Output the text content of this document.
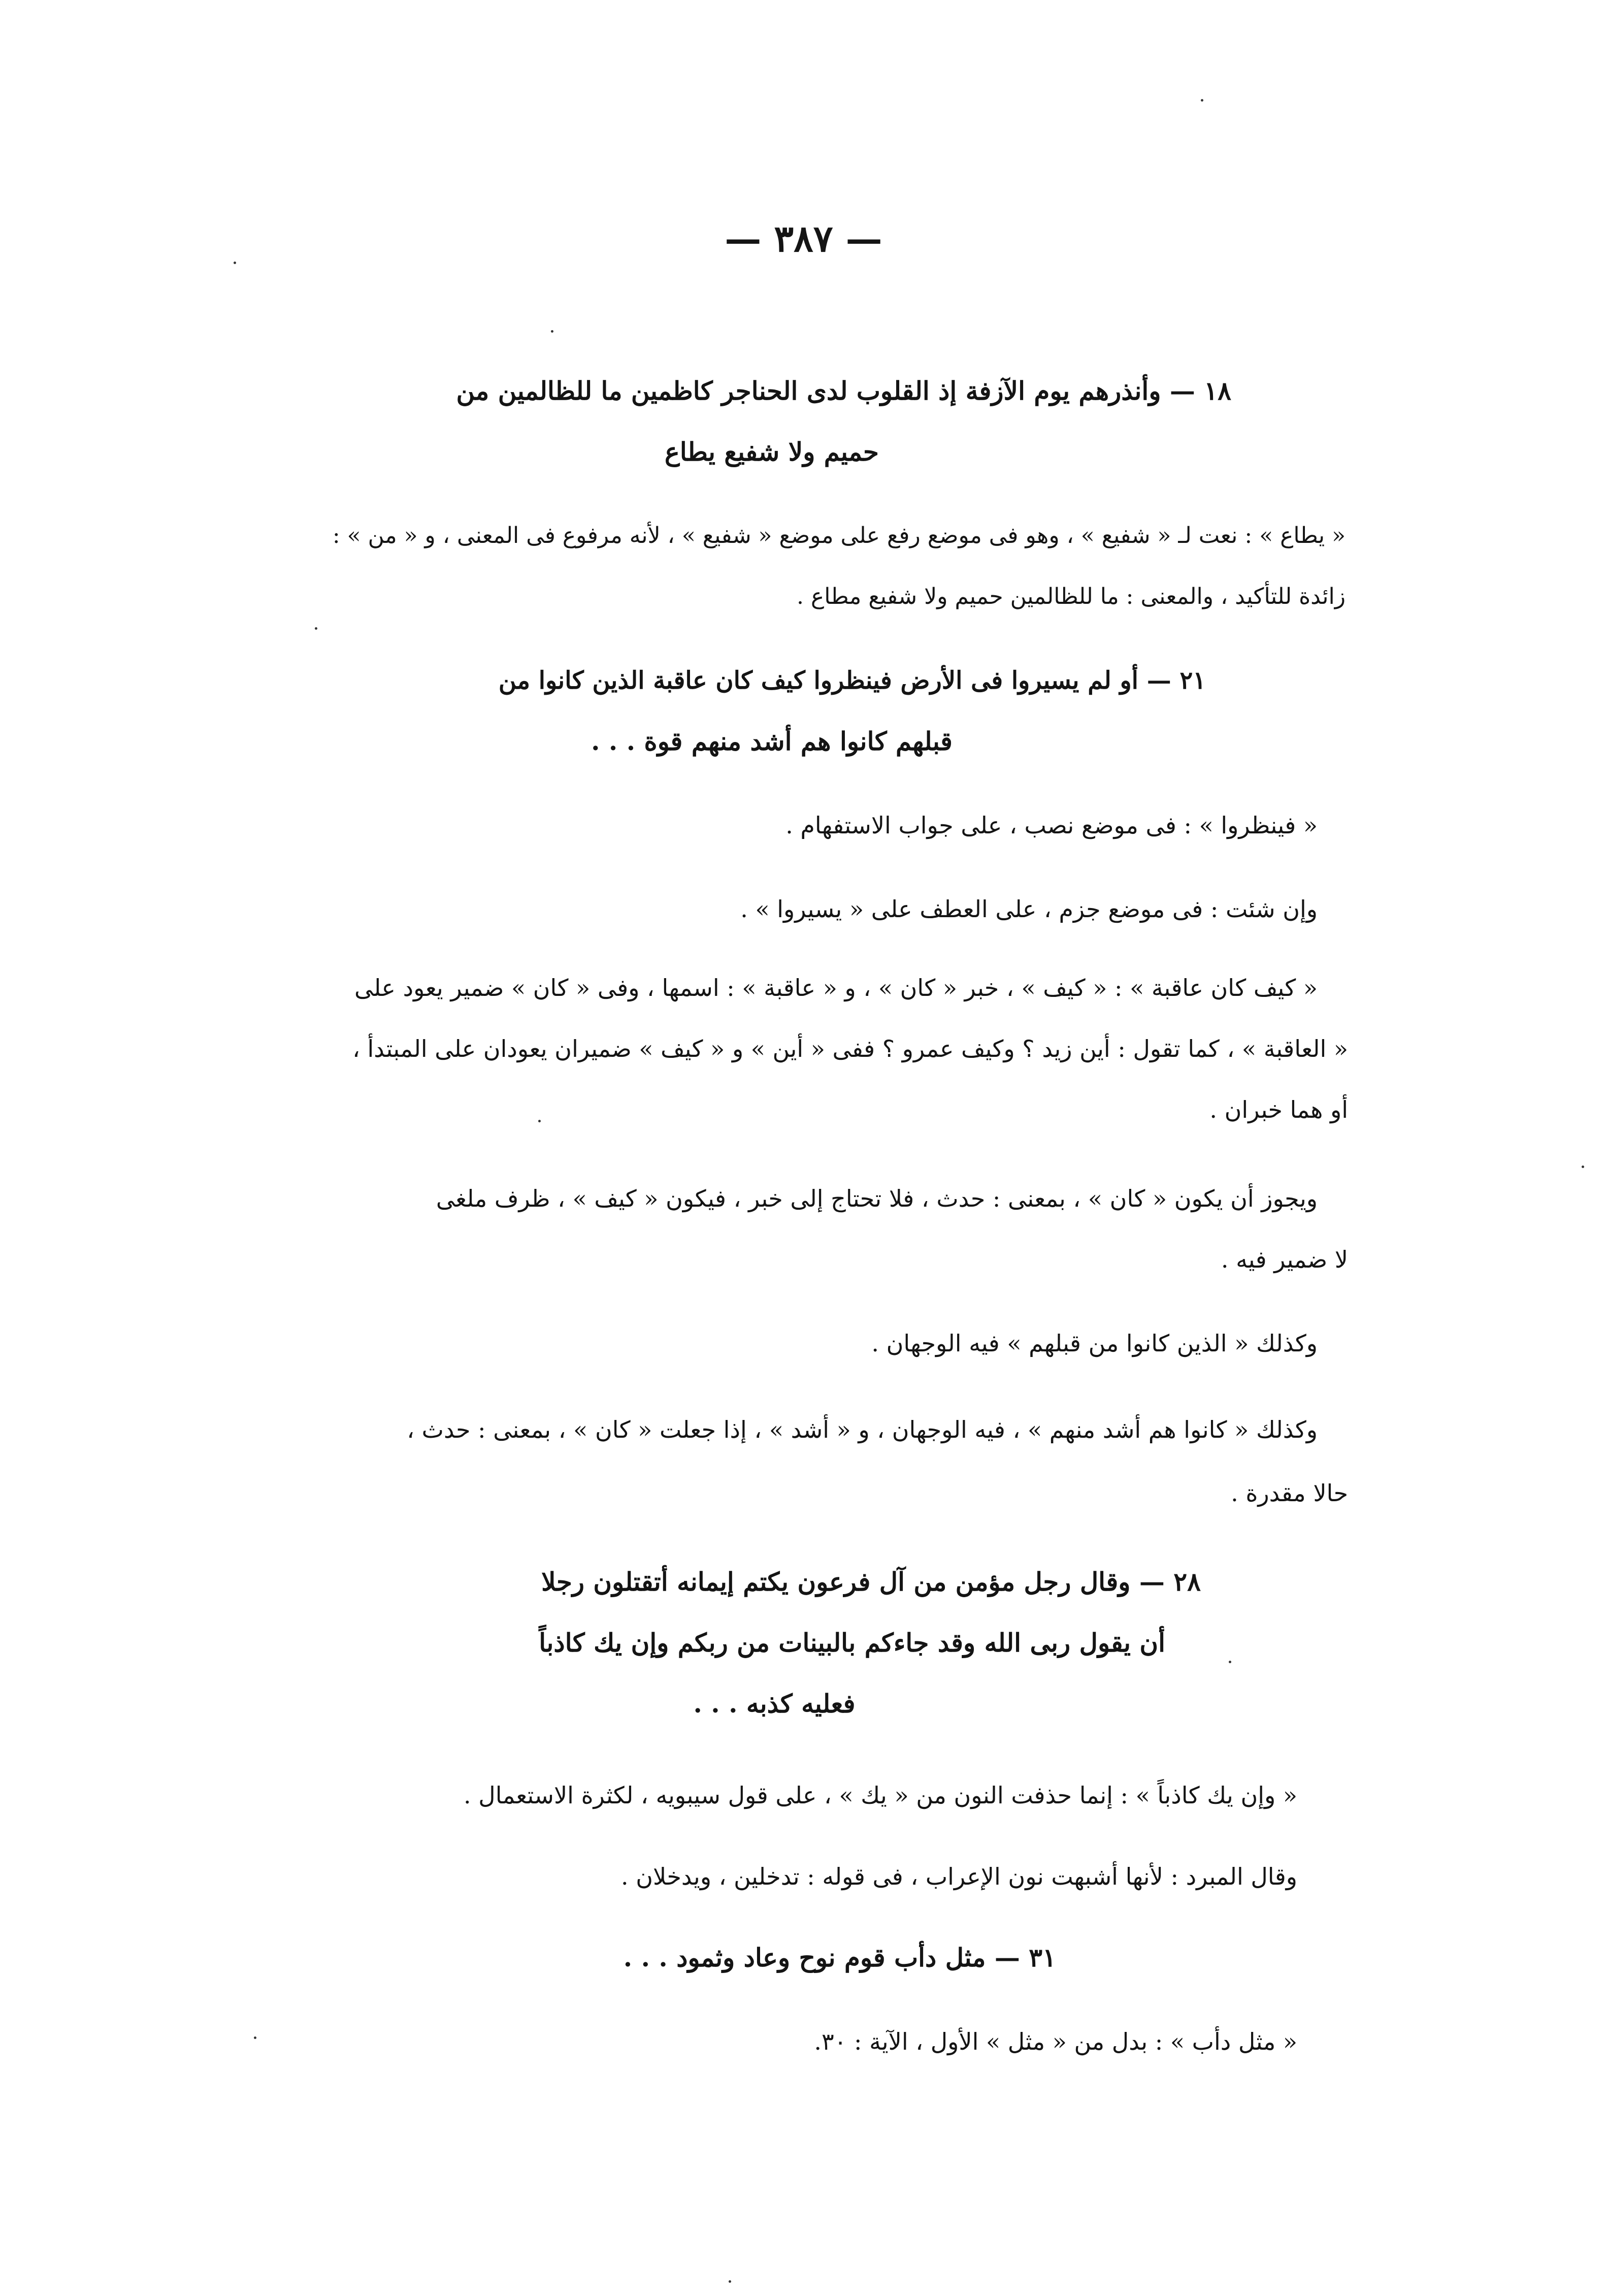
— ٣٨٧ —
١٨ — وأنذرهم يوم الآزفة إذ القلوب لدى الحناجر كاظمين ما للظالمين من
حميم ولا شفيع يطاع
« يطاع » : نعت لـ « شفيع » ، وهو فى موضع رفع على موضع « شفيع » ، لأنه مرفوع فى المعنى ، و « من » :
زائدة للتأكيد ، والمعنى : ما للظالمين حميم ولا شفيع مطاع .
٢١ — أو لم يسيروا فى الأرض فينظروا كيف كان عاقبة الذين كانوا من
قبلهم كانوا هم أشد منهم قوة . . .
« فينظروا » : فى موضع نصب ، على جواب الاستفهام .
وإن شئت : فى موضع جزم ، على العطف على « يسيروا » .
« كيف كان عاقبة » : « كيف » ، خبر « كان » ، و « عاقبة » : اسمها ، وفى « كان » ضمير يعود على
« العاقبة » ، كما تقول : أين زيد ؟ وكيف عمرو ؟ ففى « أين » و « كيف » ضميران يعودان على المبتدأ ،
أو هما خبران .
ويجوز أن يكون « كان » ، بمعنى : حدث ، فلا تحتاج إلى خبر ، فيكون « كيف » ، ظرف ملغى
لا ضمير فيه .
وكذلك « الذين كانوا من قبلهم » فيه الوجهان .
وكذلك « كانوا هم أشد منهم » ، فيه الوجهان ، و « أشد » ، إذا جعلت « كان » ، بمعنى : حدث ،
حالا مقدرة .
٢٨ — وقال رجل مؤمن من آل فرعون يكتم إيمانه أتقتلون رجلا
أن يقول ربى الله وقد جاءكم بالبينات من ربكم وإن يك كاذباً
فعليه كذبه . . .
« وإن يك كاذباً » : إنما حذفت النون من « يك » ، على قول سيبويه ، لكثرة الاستعمال .
وقال المبرد : لأنها أشبهت نون الإعراب ، فى قوله : تدخلين ، ويدخلان .
٣١ — مثل دأب قوم نوح وعاد وثمود . . .
« مثل دأب » : بدل من « مثل » الأول ، الآية : ٣٠.
